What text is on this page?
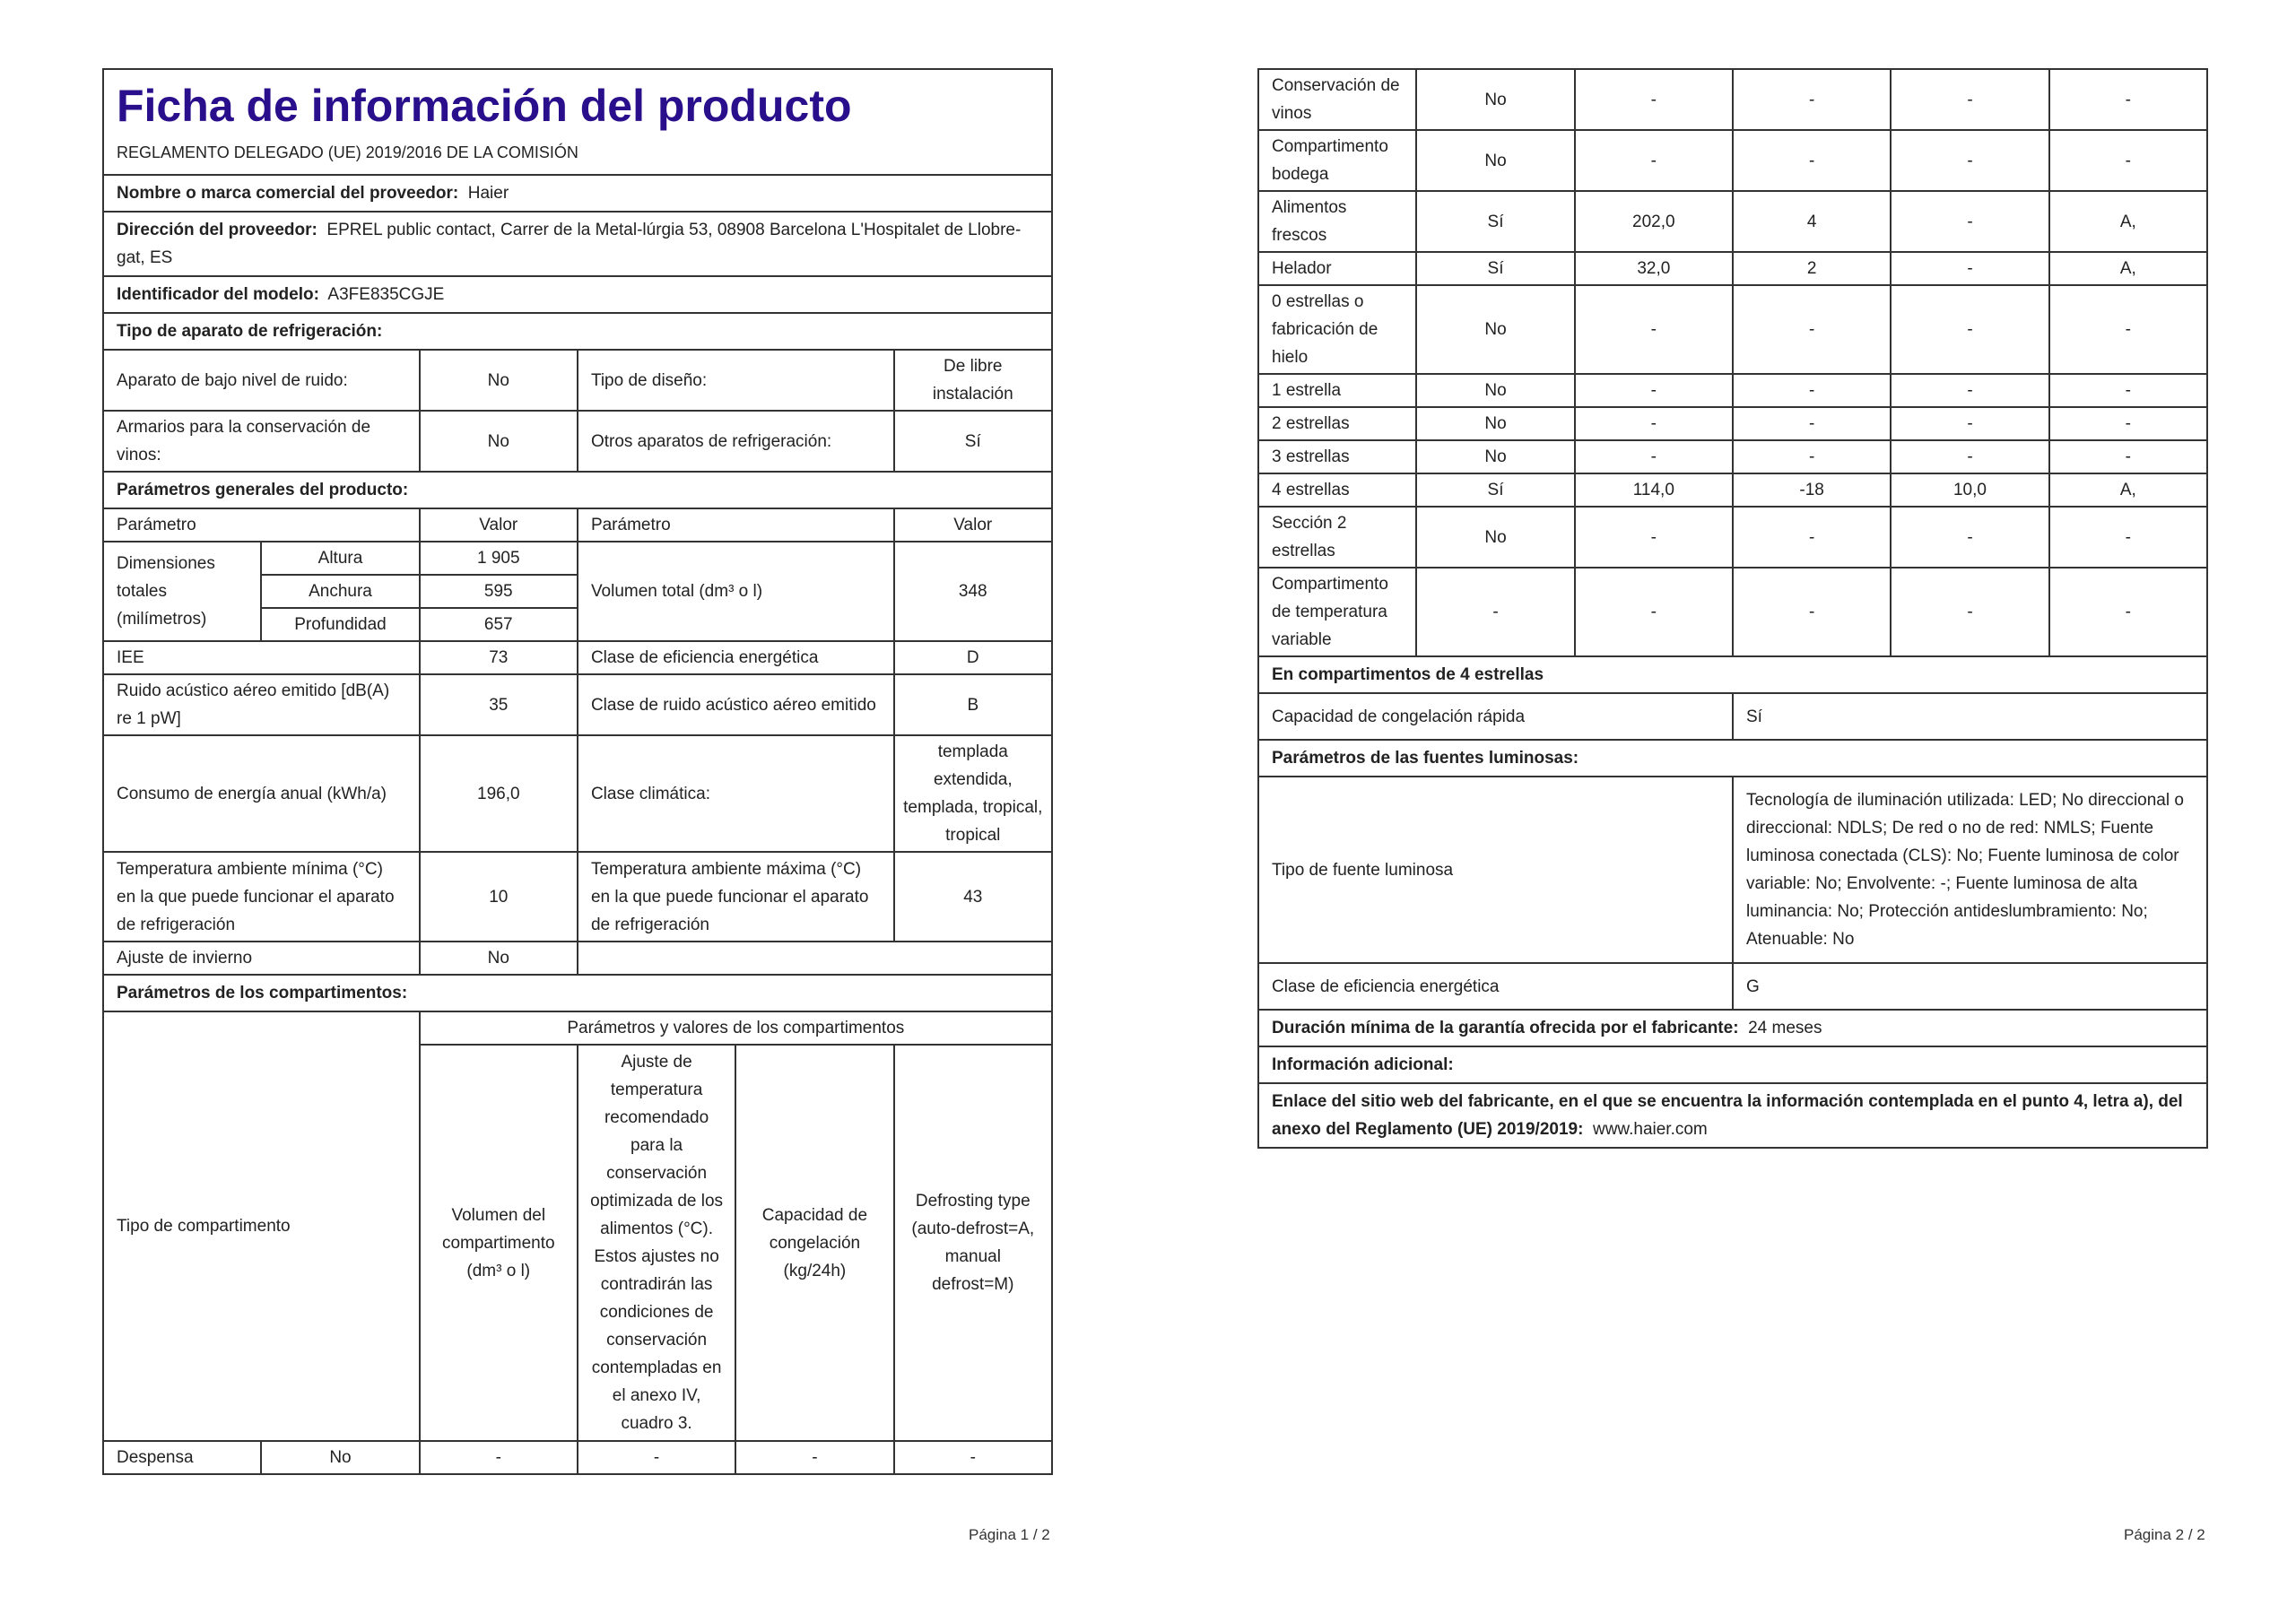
Ficha de información del producto
REGLAMENTO DELEGADO (UE) 2019/2016 DE LA COMISIÓN					

Nombre o marca comercial del proveedor: Haier					
Dirección del proveedor: EPREL public contact, Carrer de la Metal-lúrgia 53, 08908 Barcelona L'Hospitalet de Llobre-gat, ES					
Identificador del modelo: A3FE835CGJE					
Tipo de aparato de refrigeración:					
Aparato de bajo nivel de ruido:		No	Tipo de diseño:		De libre instalación
Armarios para la conservación de vinos:		No	Otros aparatos de refrigeración:		Sí
Parámetros generales del producto:					
Parámetro		Valor	Parámetro		Valor
Dimensiones totales (milímetros)	Altura	1 905	Volumen total (dm³ o l)		348
	Anchura	595			
	Profundidad	657			
IEE		73	Clase de eficiencia energética		D
Ruido acústico aéreo emitido [dB(A) re 1 pW]		35	Clase de ruido acústico aéreo emitido		B
Consumo de energía anual (kWh/a)		196,0	Clase climática:		templada extendida, templada, tropical, tropical
Temperatura ambiente mínima (°C) en la que puede funcionar el aparato de refrigeración		10	Temperatura ambiente máxima (°C) en la que puede funcionar el aparato de refrigeración		43
Ajuste de invierno		No			
Parámetros de los compartimentos:					
Tipo de compartimento		Parámetros y valores de los compartimentos			
		Volumen del compartimento (dm³ o l)	Ajuste de temperatura recomendado para la conservación optimizada de los alimentos (°C). Estos ajustes no contradirán las condiciones de conservación contempladas en el anexo IV, cuadro 3.	Capacidad de congelación (kg/24h)	Defrosting type (auto-defrost=A, manual defrost=M)
Despensa	No	-	-	-	-
Página 1 / 2
Conservación de vinos	No	-	-	-	-
Compartimento bodega	No	-	-	-	-
Alimentos frescos	Sí	202,0	4	-	A,
Helador	Sí	32,0	2	-	A,
0 estrellas o fabricación de hielo	No	-	-	-	-
1 estrella	No	-	-	-	-
2 estrellas	No	-	-	-	-
3 estrellas	No	-	-	-	-
4 estrellas	Sí	114,0	-18	10,0	A,
Sección 2 estrellas	No	-	-	-	-
Compartimento de temperatura variable	-	-	-	-	-
En compartimentos de 4 estrellas					
Capacidad de congelación rápida			Sí		
Parámetros de las fuentes luminosas:					
Tipo de fuente luminosa			Tecnología de iluminación utilizada: LED; No direccional o direccional: NDLS; De red o no de red: NMLS; Fuente luminosa conectada (CLS): No; Fuente luminosa de color variable: No; Envolvente: -; Fuente luminosa de alta luminancia: No; Protección antideslumbramiento: No; Atenuable: No		
Clase de eficiencia energética			G		
Duración mínima de la garantía ofrecida por el fabricante: 24 meses					
Información adicional:					
Enlace del sitio web del fabricante, en el que se encuentra la información contemplada en el punto 4, letra a), del anexo del Reglamento (UE) 2019/2019: www.haier.com					
Página 2 / 2
